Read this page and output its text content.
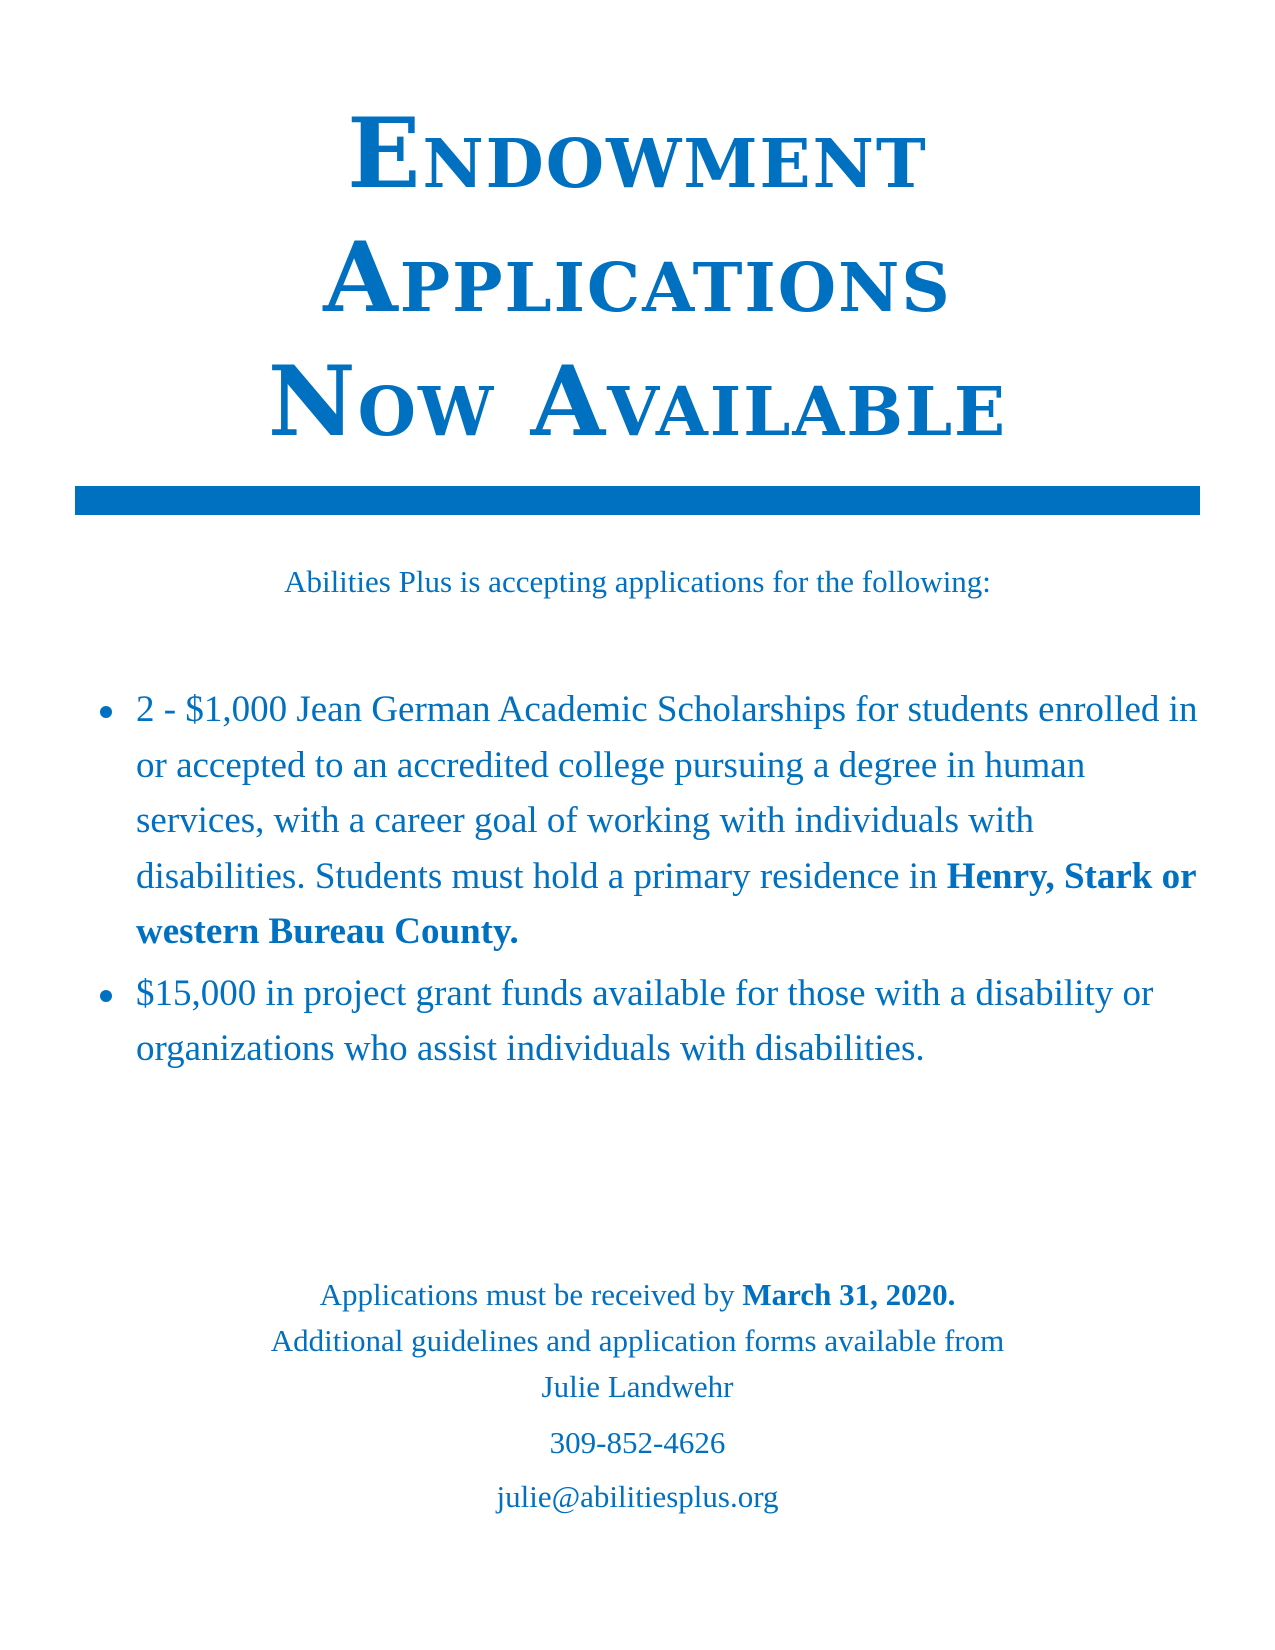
Endowment
Applications
Now Available
Abilities Plus is accepting applications for the following:
2 - $1,000 Jean German Academic Scholarships for students enrolled in or accepted to an accredited college pursuing a degree in human services, with a career goal of working with individuals with disabilities. Students must hold a primary residence in Henry, Stark or western Bureau County.
$15,000 in project grant funds available for those with a disability or organizations who assist individuals with disabilities.
Applications must be received by March 31, 2020.
Additional guidelines and application forms available from
Julie Landwehr
309-852-4626
julie@abilitiesplus.org
